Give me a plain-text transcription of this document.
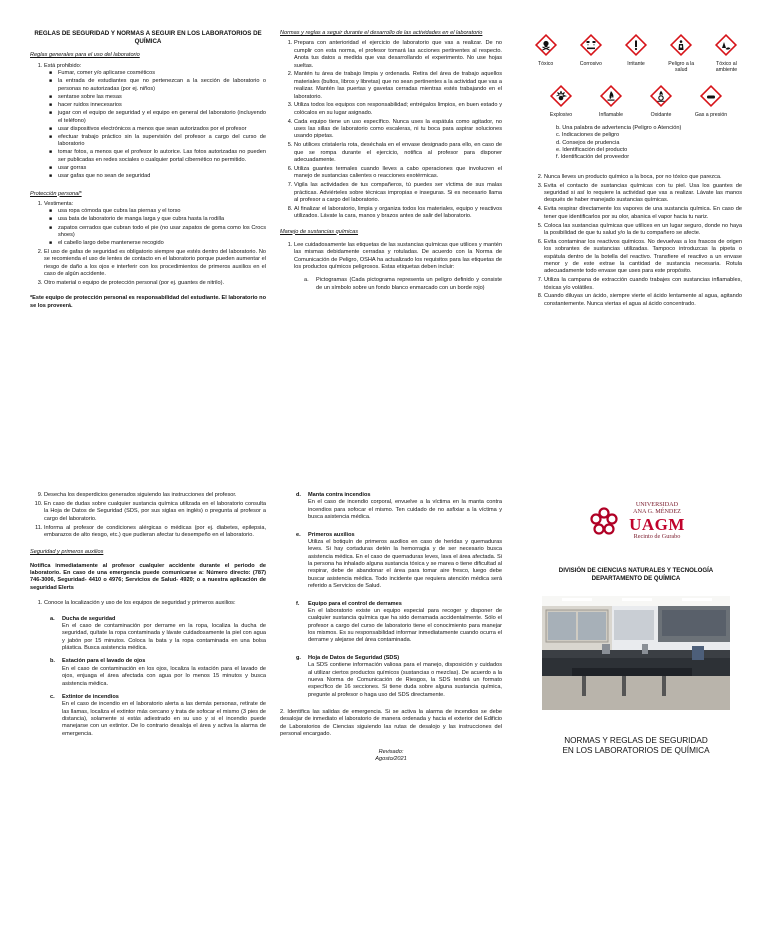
REGLAS DE SEGURIDAD Y NORMAS A SEGUIR EN LOS LABORATORIOS DE QUÍMICA
Reglas generales para el uso del laboratorio
1. Está prohibido:
■ Fumar, comer y/o aplicarse cosméticos
■ la entrada de estudiantes que no pertenezcan a la sección de laboratorio o personas no autorizadas (por ej. niños)
■ sentarse sobre las mesas
■ hacer ruidos innecesarios
■ jugar con el equipo de seguridad y el equipo en general del laboratorio (incluyendo el teléfono)
■ usar dispositivos electrónicos a menos que sean autorizados por el profesor
■ efectuar trabajo práctico sin la supervisión del profesor a cargo del curso de laboratorio
■ tomar fotos, a menos que el profesor lo autorice. Las fotos autorizadas no pueden ser publicadas en redes sociales o cualquier portal cibernético no permitido.
■ usar gorras
■ usar gafas que no sean de seguridad
Protección personal*
1. Vestimenta:
■ usa ropa cómoda que cubra las piernas y el torso
■ usa bata de laboratorio de manga larga y que cubra hasta la rodilla
■ zapatos cerrados que cubran todo el pie (no usar zapatos de goma como los Crocs shoes)
■ el cabello largo debe mantenerse recogido
2. El uso de gafas de seguridad es obligatorio siempre que estés dentro del laboratorio. No se recomienda el uso de lentes de contacto en el laboratorio porque pueden aumentar el riesgo de daño a los ojos e interferir con los procedimientos de primeros auxilios en el caso de algún accidente.
3. Otro material o equipo de protección personal (por ej. guantes de nitrilo).
*Este equipo de protección personal es responsabilidad del estudiante. El laboratorio no se los proveerá.
Normas y reglas a seguir durante el desarrollo de las actividades en el laboratorio
1. Prepara con anterioridad el ejercicio de laboratorio que vas a realizar. De no cumplir con esta norma, el profesor tomará las acciones pertinentes al respecto. Anota tus datos a medida que vas desarrollando el experimento. No use hojas sueltas.
2. Mantén tu área de trabajo limpia y ordenada. Retira del área de trabajo aquellos materiales (bultos, libros y libretas) que no sean pertinentes a la actividad que vas a realizar. Mantén las puertas y gavetas cerradas mientras estés trabajando en el laboratorio.
3. Utiliza todos los equipos con responsabilidad; entrégalos limpios, en buen estado y colócalos en su lugar asignado.
4. Cada equipo tiene un uso específico. Nunca uses la espátula como agitador, no uses las sillas de laboratorio como escaleras, ni tu boca para aspirar soluciones usando pipetas.
5. No utilices cristalería rota, deséchala en el envase designado para ello, en caso de que se rompa durante el ejercicio, notifica al profesor para disponer adecuadamente.
6. Utiliza guantes termales cuando lleves a cabo operaciones que involucren el manejo de sustancias calientes o reacciones exotérmicas.
7. Vigila las actividades de tus compañeros, tú puedes ser víctima de sus malas prácticas. Adviérteles sobre técnicas impropias e inseguras. Si es necesario llama al profesor a cargo del laboratorio.
8. Al finalizar el laboratorio, limpia y organiza todos los materiales, equipo y reactivos utilizados. Lávate la cara, manos y brazos antes de salir del laboratorio.
Manejo de sustancias químicas
1. Lee cuidadosamente las etiquetas de las sustancias químicas que utilices y mantén las mismas debidamente cerradas y rotuladas. De acuerdo con la Norma de Comunicación de Peligro, OSHA ha actualizado los requisitos para las etiquetas de los productos químicos peligrosos. Estas etiquetas deben incluir:
a. Pictogramas (Cada pictograma representa un peligro definido y consiste de un símbolo sobre un fondo blanco enmarcado con un borde rojo)
Tóxico	Corrosivo	Irritante	Peligro a la salud
Tóxico al ambiente
Explosivo	Inflamable	Oxidante	Gas a presión
b. Una palabra de advertencia (Peligro o Atención)
c. Indicaciones de peligro
d. Consejos de prudencia
e. Identificación del producto
f. Identificación del proveedor
2. Nunca lleves un producto químico a la boca, por no tóxico que parezca.
3. Evita el contacto de sustancias químicas con tu piel. Usa los guantes de seguridad si así lo requiere la actividad que vas a realizar. Lávate las manos después de haber manejado sustancias químicas.
4. Evita respirar directamente los vapores de una sustancia química. En caso de tener que identificarlos por su olor, abanica el vapor hacia tu nariz.
5. Coloca las sustancias químicas que utilices en un lugar seguro, donde no haya la posibilidad de que tu salud y/o la de tu compañero se afecte.
6. Evita contaminar los reactivos químicos. No devuelvas a los frascos de origen los sobrantes de sustancias utilizadas. Tampoco introduzcas la pipeta o espátula dentro de la botella del reactivo. Transfiere el reactivo a un envase menor y de este extrae la cantidad de sustancia necesaria. Rotula adecuadamente todo envase que uses para este propósito.
7. Utiliza la campana de extracción cuando trabajes con sustancias inflamables, tóxicas y/o volátiles.
8. Cuando diluyas un ácido, siempre vierte el ácido lentamente al agua, agitando constantemente. Nunca viertas el agua al ácido concentrado.
9. Desecha los desperdicios generados siguiendo las instrucciones del profesor.
10. En caso de dudas sobre cualquier sustancia química utilizada en el laboratorio consulta la Hoja de Datos de Seguridad (SDS, por sus siglas en inglés) o pregunta al profesor a cargo del laboratorio.
11. Informa al profesor de condiciones alérgicas o médicas (por ej. diabetes, epilepsia, embarazos de alto riesgo, etc.) que pudieran afectar tu desempeño en el laboratorio.
Seguridad y primeros auxilios
Notifica inmediatamente al profesor cualquier accidente durante el periodo de laboratorio. En caso de una emergencia puede comunicarse a: Número directo: (787) 746-3006, Seguridad- 4410 o 4976; Servicios de Salud- 4920; o a nuestra aplicación de seguridad Elerts
1. Conoce la localización y uso de los equipos de seguridad y primeros auxilios:
a. Ducha de seguridad
En el caso de contaminación por derrame en la ropa, localiza la ducha de seguridad, quítate la ropa contaminada y lávate cuidadosamente la piel con agua y jabón por 15 minutos. Coloca la bata y la ropa contaminada en una bolsa plástica. Busca asistencia médica.
b. Estación para el lavado de ojos
En el caso de contaminación en los ojos, localiza la estación para el lavado de ojos, enjuaga el área afectada con agua por lo menos 15 minutos y busca asistencia médica.
c. Extintor de incendios
En el caso de incendio en el laboratorio alerta a las demás personas, retírate de las llamas, localiza el extintor más cercano y trata de sofocar el mismo (3 pies de distancia), solamente si estás adiestrado en su uso y si el incendio puede manejarse con un extintor. De lo contrario desaloja el área y activa la alarma de emergencia.
d. Manta contra incendios
En el caso de incendio corporal, envuelve a la víctima en la manta contra incendios para sofocar el mismo. Ten cuidado de no asfixiar a la víctima y busca asistencia médica.
e. Primeros auxilios
Utiliza el botiquín de primeros auxilios en caso de heridas y quemaduras leves. Si hay cortaduras detén la hemorragia y de ser necesario busca asistencia médica. En el caso de quemaduras leves, lava el área afectada. Si la persona ha inhalado alguna sustancia tóxica y se marea o tiene dificultad al respirar, debe de abandonar el área para tomar aire fresco, luego debe buscar asistencia médica. Todo incidente que requiera atención médica será referido a Servicios de Salud.
f. Equipo para el control de derrames
En el laboratorio existe un equipo especial para recoger y disponer de cualquier sustancia química que ha sido derramada accidentalmente. Sólo el profesor a cargo del curso de laboratorio tiene el conocimiento para manejar los mismos. Es su responsabilidad informar inmediatamente cuando ocurra el derrame y alejarse del área contaminada.
g. Hoja de Datos de Seguridad (SDS)
La SDS contiene información valiosa para el manejo, disposición y cuidados al utilizar ciertos productos químicos (sustancias o mezclas). De acuerdo a la nueva Norma de Comunicación de Riesgos, la SDS tendrá un formato específico de 16 secciones. Si tiene duda sobre alguna sustancia química, pregunte al profesor o haga uso del SDS directamente.
2. Identifica las salidas de emergencia. Si se activa la alarma de incendios se debe desalojar de inmediato el laboratorio de manera ordenada y hacia el exterior del Edificio de Laboratorios de Ciencias siguiendo las rutas de desalojo y las instrucciones del personal encargado.
Revisado:
Agosto/2021
UNIVERSIDAD
ANA G. MÉNDEZ
UAGM
Recinto de Gurabo
DIVISIÓN DE CIENCIAS NATURALES Y TECNOLOGÍA
DEPARTAMENTO DE QUÍMICA
NORMAS Y REGLAS DE SEGURIDAD
EN LOS LABORATORIOS DE QUÍMICA
